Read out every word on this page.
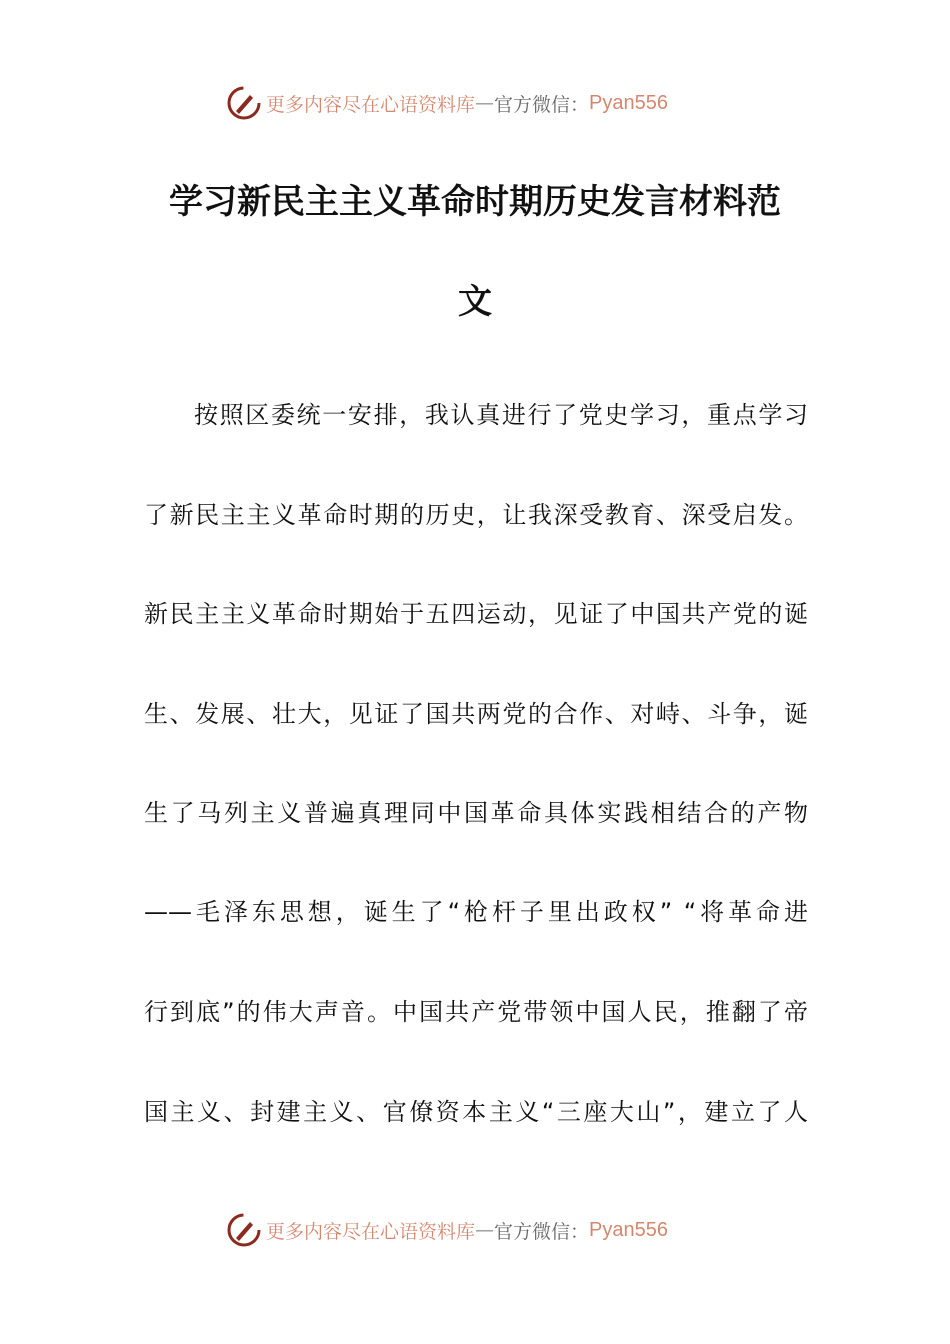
更多内容尽在心语资料库 — 官方微信： Pyan556
学习新民主主义革命时期历史发言材料范
文
按照区委统一安排，我认真进行了党史学习，重点学习
了新民主主义革命时期的历史，让我深受教育、深受启发。
新民主主义革命时期始于五四运动，见证了中国共产党的诞
生、发展、壮大，见证了国共两党的合作、对峙、斗争，诞
生了马列主义普遍真理同中国革命具体实践相结合的产物
——毛泽东思想，诞生了“枪杆子里出政权” “将革命进
行到底”的伟大声音。中国共产党带领中国人民，推翻了帝
国主义、封建主义、官僚资本主义“三座大山”，建立了人
更多内容尽在心语资料库 — 官方微信： Pyan556
